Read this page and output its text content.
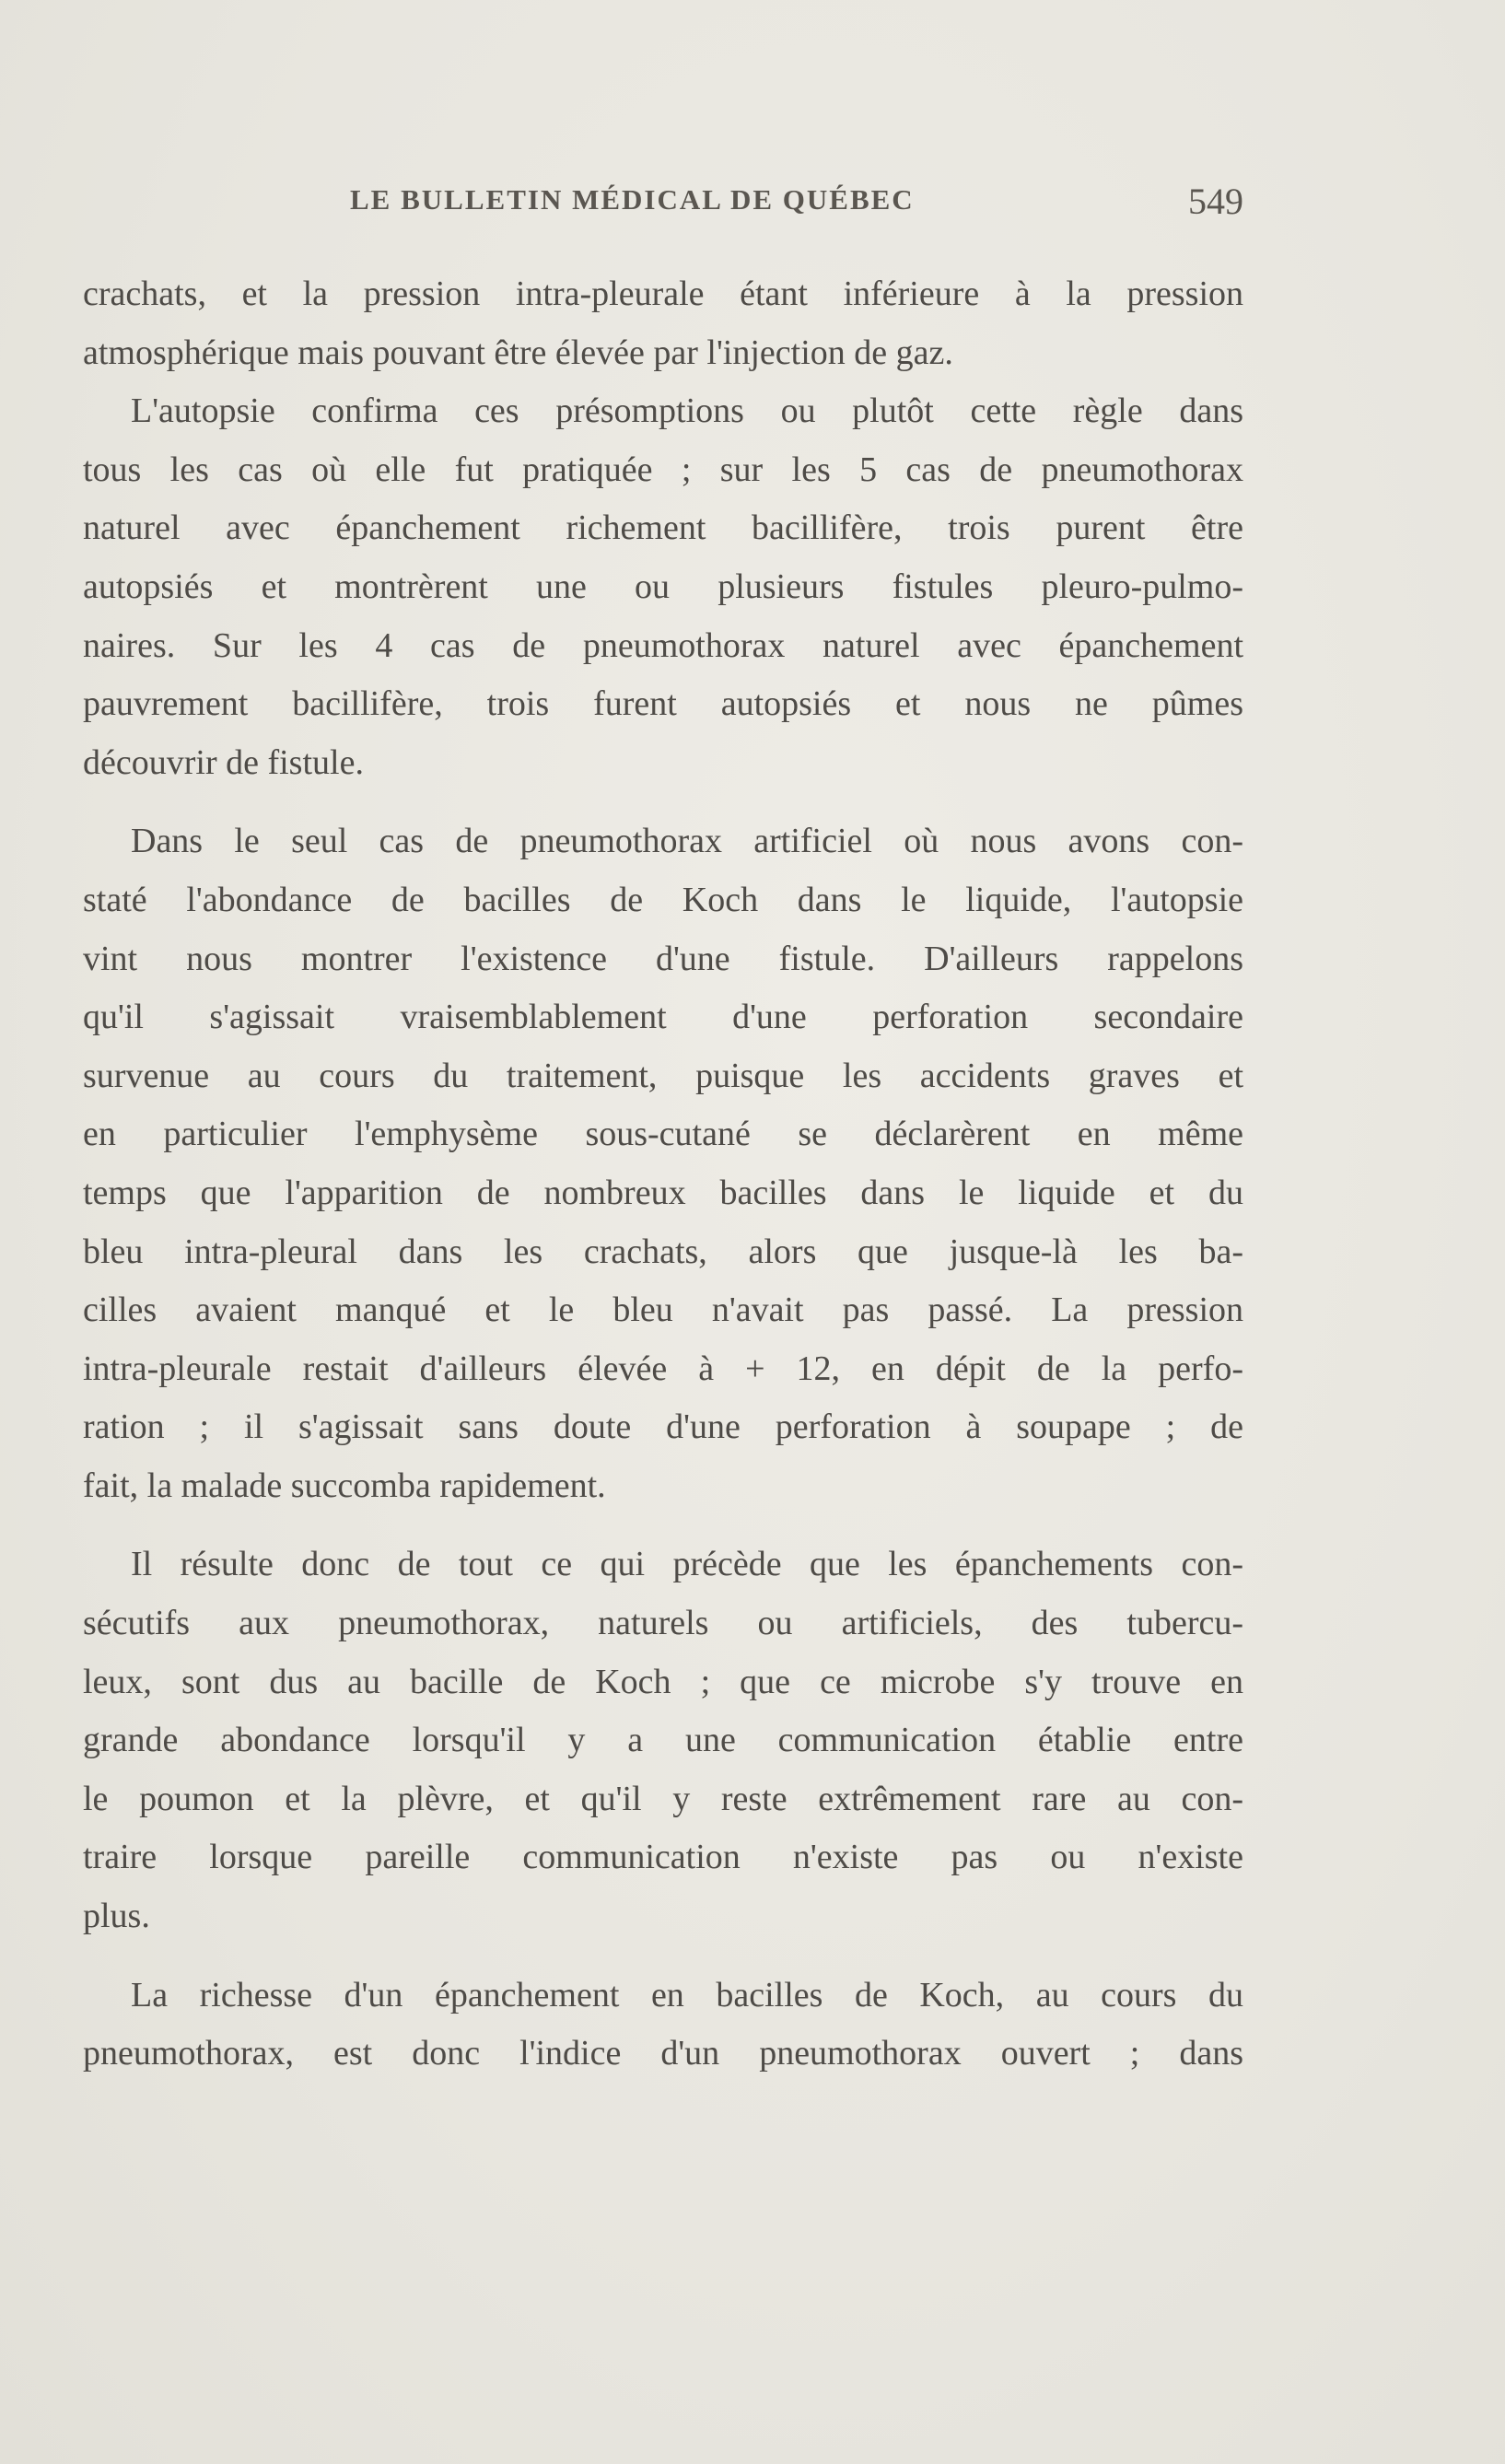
LE BULLETIN MÉDICAL DE QUÉBEC	549

crachats, et la pression intra-pleurale étant inférieure à la pression
atmosphérique mais pouvant être élevée par l'injection de gaz.
L'autopsie confirma ces présomptions ou plutôt cette règle dans
tous les cas où elle fut pratiquée ; sur les 5 cas de pneumothorax
naturel avec épanchement richement bacillifère, trois purent être
autopsiés et montrèrent une ou plusieurs fistules pleuro-pulmo-
naires. Sur les 4 cas de pneumothorax naturel avec épanchement
pauvrement bacillifère, trois furent autopsiés et nous ne pûmes
découvrir de fistule.

Dans le seul cas de pneumothorax artificiel où nous avons con-
staté l'abondance de bacilles de Koch dans le liquide, l'autopsie
vint nous montrer l'existence d'une fistule. D'ailleurs rappelons
qu'il s'agissait vraisemblablement d'une perforation secondaire
survenue au cours du traitement, puisque les accidents graves et
en particulier l'emphysème sous-cutané se déclarèrent en même
temps que l'apparition de nombreux bacilles dans le liquide et du
bleu intra-pleural dans les crachats, alors que jusque-là les ba-
cilles avaient manqué et le bleu n'avait pas passé. La pression
intra-pleurale restait d'ailleurs élevée à + 12, en dépit de la perfo-
ration ; il s'agissait sans doute d'une perforation à soupape ; de
fait, la malade succomba rapidement.

Il résulte donc de tout ce qui précède que les épanchements con-
sécutifs aux pneumothorax, naturels ou artificiels, des tubercu-
leux, sont dus au bacille de Koch ; que ce microbe s'y trouve en
grande abondance lorsqu'il y a une communication établie entre
le poumon et la plèvre, et qu'il y reste extrêmement rare au con-
traire lorsque pareille communication n'existe pas ou n'existe
plus.

La richesse d'un épanchement en bacilles de Koch, au cours du
pneumothorax, est donc l'indice d'un pneumothorax ouvert ; dans
